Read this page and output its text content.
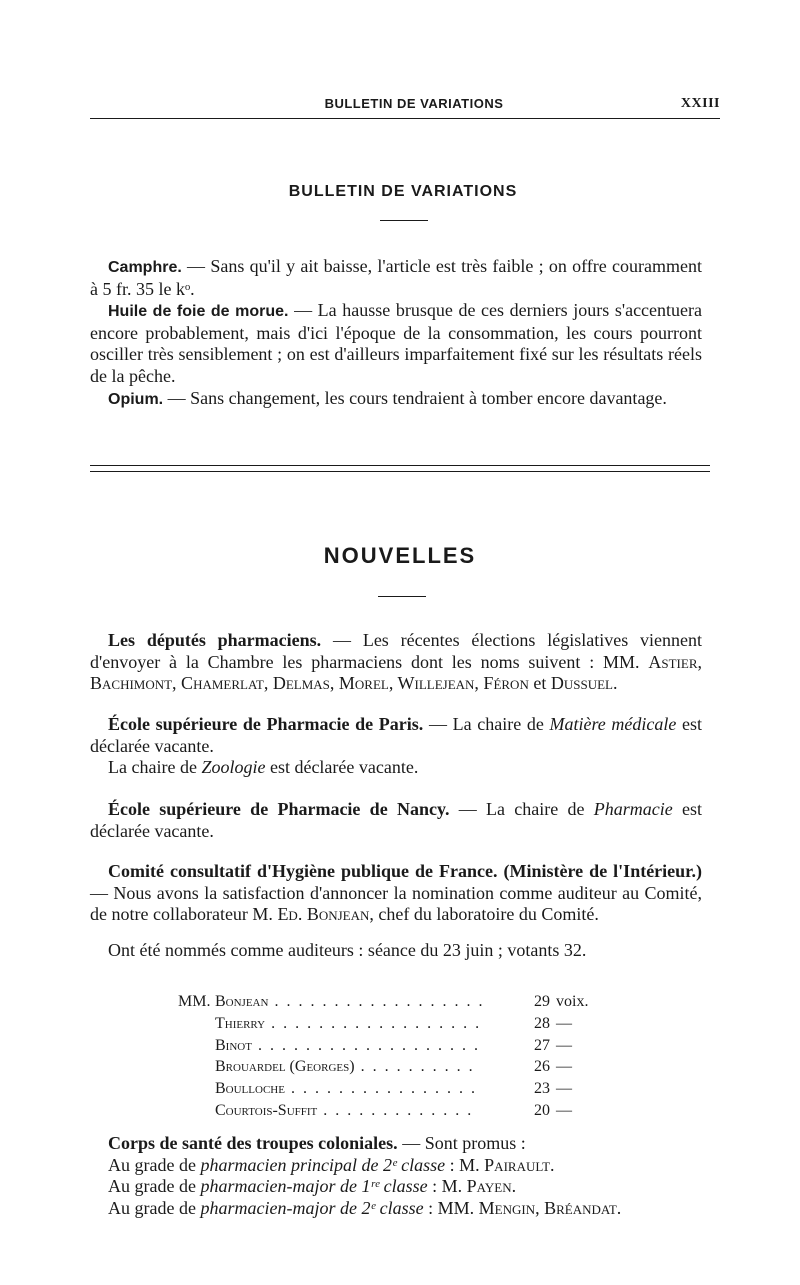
BULLETIN DE VARIATIONS	XXIII
BULLETIN DE VARIATIONS

Camphre. — Sans qu'il y ait baisse, l'article est très faible ; on offre couramment à 5 fr. 35 le kᵒ.

Huile de foie de morue. — La hausse brusque de ces derniers jours s'accentuera encore probablement, mais d'ici l'époque de la consommation, les cours pourront osciller très sensiblement ; on est d'ailleurs imparfaitement fixé sur les résultats réels de la pêche.

Opium. — Sans changement, les cours tendraient à tomber encore davantage.

NOUVELLES

Les députés pharmaciens. — Les récentes élections législatives viennent d'envoyer à la Chambre les pharmaciens dont les noms suivent : MM. Astier, Bachimont, Chamerlat, Delmas, Morel, Willejean, Féron et Dussuel.

École supérieure de Pharmacie de Paris. — La chaire de Matière médicale est déclarée vacante.

La chaire de Zoologie est déclarée vacante.

École supérieure de Pharmacie de Nancy. — La chaire de Pharmacie est déclarée vacante.

Comité consultatif d'Hygiène publique de France. (Ministère de l'Intérieur.) — Nous avons la satisfaction d'annoncer la nomination comme auditeur au Comité, de notre collaborateur M. Ed. Bonjean, chef du laboratoire du Comité.

Ont été nommés comme auditeurs : séance du 23 juin ; votants 32.

MM.	Bonjean . . . . . . . . . . . . . . . . . .	29	voix.
	Thierry . . . . . . . . . . . . . . . . . .	28	—
	Binot . . . . . . . . . . . . . . . . . . .	27	—
	Brouardel (Georges) . . . . . . . . . .	26	—
	Boulloche . . . . . . . . . . . . . . . .	23	—
	Courtois-Suffit . . . . . . . . . . . . .	20	—

Corps de santé des troupes coloniales. — Sont promus :

Au grade de pharmacien principal de 2ᵉ classe : M. Pairault.

Au grade de pharmacien-major de 1ʳᵉ classe : M. Payen.

Au grade de pharmacien-major de 2ᵉ classe : MM. Mengin, Bréandat.
